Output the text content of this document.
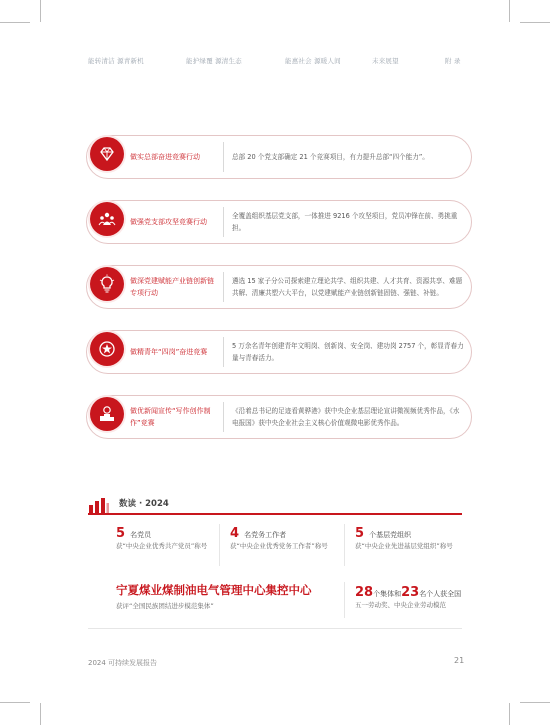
能转清洁 源青新机	能护绿覆 源清生态	能惠社会 源暖人间	未来展望	附 录
做实总部奋进竞赛行动	总部 20 个党支部确定 21 个竞赛项目，有力提升总部“四个能力”。
做强党支部攻坚竞赛行动
全覆盖组织基层党支部，一体推进 9216 个攻坚项目，党员冲锋在前、勇挑重担。
做深党建赋能产业链创新链专项行动
遴选 15 家子分公司探索建立理论共学、组织共建、人才共育、资源共享、难题共解、清廉共塑六大平台，以党建赋能产业链创新链固链、强链、补链。
做精青年“四岗”奋进竞赛
5 万余名青年创建青年文明岗、创新岗、安全岗、建功岗 2757 个，彰显青春力量与青春活力。
做优新闻宣传“写作创作制作”竞赛
《沿着总书记的足迹看黄骅港》获中央企业基层理论宣讲微视频优秀作品，《水电报国》获中央企业社会主义核心价值观微电影优秀作品。
数读 · 2024
5 名党员
获“中央企业优秀共产党员”称号
4 名党务工作者
获“中央企业优秀党务工作者”称号
5 个基层党组织
获“中央企业先进基层党组织”称号
宁夏煤业煤制油电气管理中心集控中心
获评“全国民族团结进步模范集体”
28个集体和23名个人获全国
五一劳动奖、中央企业劳动模范
2024 可持续发展报告	21
